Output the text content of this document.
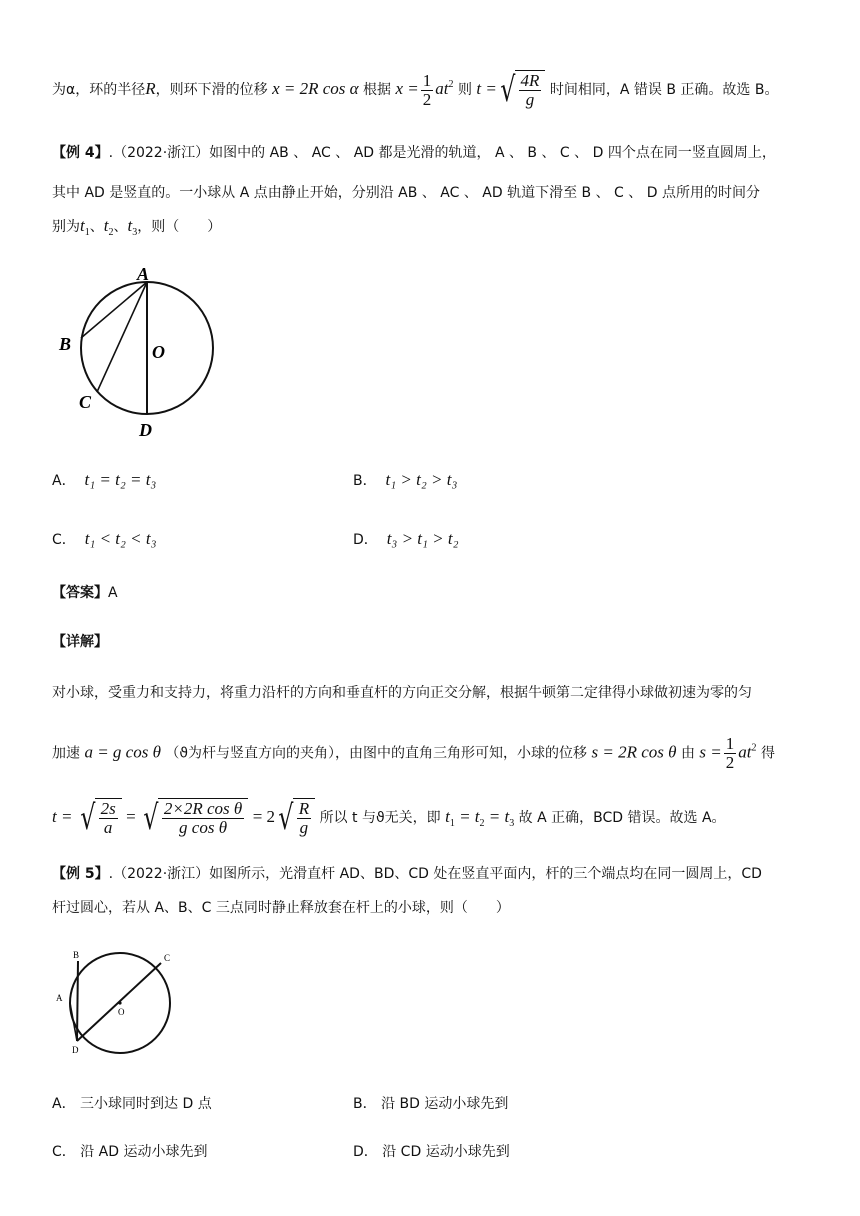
为α，环的半径R，则环下滑的位移 x = 2R cos α 根据 $x = \frac{1}{2} at^2$ 则 t = √ $\frac{4R}{g}$ 时间相同，A 错误 B 正确。故选 B。
【例 4】.（2022·浙江）如图中的 AB 、 AC 、 AD 都是光滑的轨道， A 、 B 、 C 、 D 四个点在同一竖直圆周上，
其中 AD 是竖直的。一小球从 A 点由静止开始，分别沿 AB 、 AC 、 AD 轨道下滑至 B 、 C 、 D 点所用的时间分
别为$t_1$、$t_2$、$t_3$，则（　　）
A
B
C
D
O
A． t₁ = t₂ = t₃	B． t₁ > t₂ > t₃
C． t₁ < t₂ < t₃	D． t₃ > t₁ > t₂
【答案】A
【详解】
对小球，受重力和支持力，将重力沿杆的方向和垂直杆的方向正交分解，根据牛顿第二定律得小球做初速为零的匀
加速 a = g cos θ （ϑ为杆与竖直方向的夹角），由图中的直角三角形可知，小球的位移 s = 2R cos θ 由 $s = \frac{1}{2} at^2$ 得
t = √ $\frac{2s}{a}$ = √ $\frac{\text{2×2R cos θ}}{\text{g cos θ}} = 2$ √ $\frac{R}{g}$ 所以 t 与ϑ无关，即 $t_1 = t_2 = t_3$ 故 A 正确，BCD 错误。故选 A。
【例 5】.（2022·浙江）如图所示，光滑直杆 AD、BD、CD 处在竖直平面内，杆的三个端点均在同一圆周上，CD
杆过圆心，若从 A、B、C 三点同时静止释放套在杆上的小球，则（　　）
B
A
C
D
O
A． 三小球同时到达 D 点	B． 沿 BD 运动小球先到
C． 沿 AD 运动小球先到	D． 沿 CD 运动小球先到
